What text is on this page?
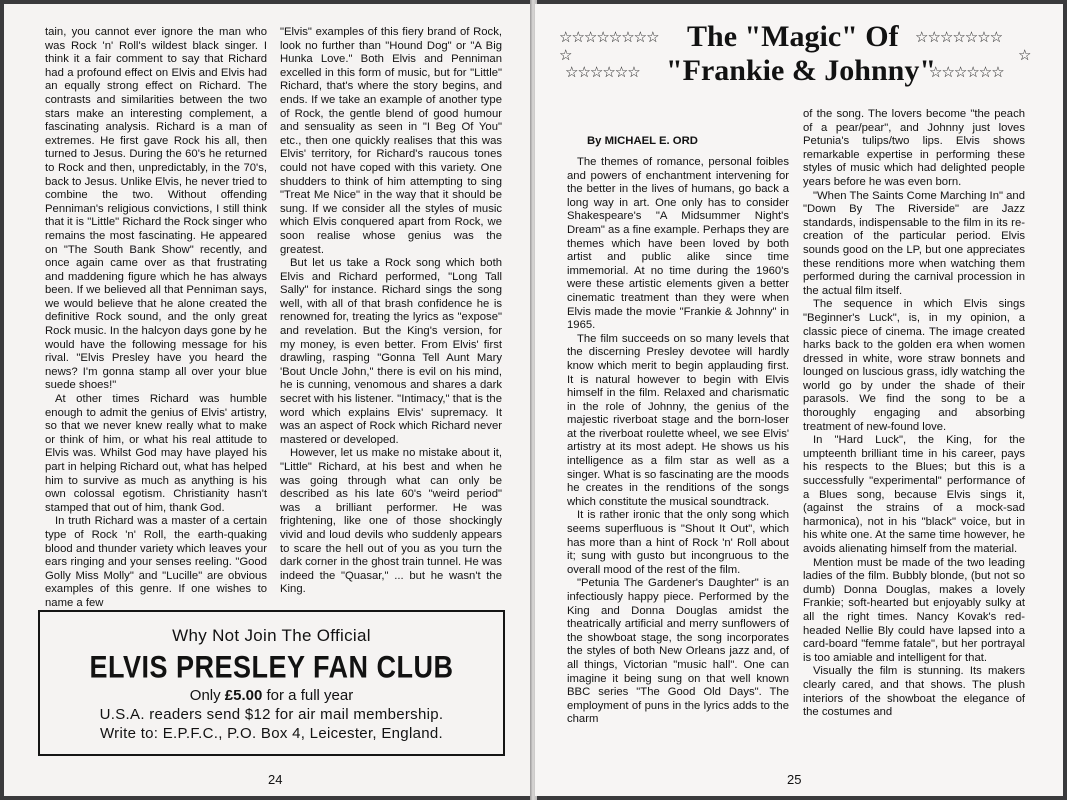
tain, you cannot ever ignore the man who was Rock 'n' Roll's wildest black singer. I think it a fair comment to say that Richard had a profound effect on Elvis and Elvis had an equally strong effect on Richard. The contrasts and similarities between the two stars make an interesting complement, a fascinating analysis. Richard is a man of extremes. He first gave Rock his all, then turned to Jesus. During the 60's he returned to Rock and then, unpredictably, in the 70's, back to Jesus. Unlike Elvis, he never tried to combine the two. Without offending Penniman's religious convictions, I still think that it is "Little" Richard the Rock singer who remains the most fascinating. He appeared on "The South Bank Show" recently, and once again came over as that frustrating and maddening figure which he has always been. If we believed all that Penniman says, we would believe that he alone created the definitive Rock sound, and the only great Rock music. In the halcyon days gone by he would have the following message for his rival. "Elvis Presley have you heard the news? I'm gonna stamp all over your blue suede shoes!"

At other times Richard was humble enough to admit the genius of Elvis' artistry, so that we never knew really what to make or think of him, or what his real attitude to Elvis was. Whilst God may have played his part in helping Richard out, what has helped him to survive as much as anything is his own colossal egotism. Christianity hasn't stamped that out of him, thank God.

In truth Richard was a master of a certain type of Rock 'n' Roll, the earth-quaking blood and thunder variety which leaves your ears ringing and your senses reeling. "Good Golly Miss Molly" and "Lucille" are obvious examples of this genre. If one wishes to name a few

"Elvis" examples of this fiery brand of Rock, look no further than "Hound Dog" or "A Big Hunka Love." Both Elvis and Penniman excelled in this form of music, but for "Little" Richard, that's where the story begins, and ends. If we take an example of another type of Rock, the gentle blend of good humour and sensuality as seen in "I Beg Of You" etc., then one quickly realises that this was Elvis' territory, for Richard's raucous tones could not have coped with this variety. One shudders to think of him attempting to sing "Treat Me Nice" in the way that it should be sung. If we consider all the styles of music which Elvis conquered apart from Rock, we soon realise whose genius was the greatest.

But let us take a Rock song which both Elvis and Richard performed, "Long Tall Sally" for instance. Richard sings the song well, with all of that brash confidence he is renowned for, treating the lyrics as "expose" and revelation. But the King's version, for my money, is even better. From Elvis' first drawling, rasping "Gonna Tell Aunt Mary 'Bout Uncle John," there is evil on his mind, he is cunning, venomous and shares a dark secret with his listener. "Intimacy," that is the word which explains Elvis' supremacy. It was an aspect of Rock which Richard never mastered or developed.

However, let us make no mistake about it, "Little" Richard, at his best and when he was going through what can only be described as his late 60's "weird period" was a brilliant performer. He was frightening, like one of those shockingly vivid and loud devils who suddenly appears to scare the hell out of you as you turn the dark corner in the ghost train tunnel. He was indeed the "Quasar," ... but he wasn't the King.

Why Not Join The Official
ELVIS PRESLEY FAN CLUB
Only £5.00 for a full year
U.S.A. readers send $12 for air mail membership.
Write to: E.P.F.C., P.O. Box 4, Leicester, England.
24
☆☆☆☆☆☆☆☆ The "Magic" Of ☆☆☆☆☆☆☆
☆	☆
☆☆☆☆☆☆ "Frankie & Johnny"
☆☆☆☆☆☆
By MICHAEL E. ORD

The themes of romance, personal foibles and powers of enchantment intervening for the better in the lives of humans, go back a long way in art. One only has to consider Shakespeare's "A Midsummer Night's Dream" as a fine example. Perhaps they are themes which have been loved by both artist and public alike since time immemorial. At no time during the 1960's were these artistic elements given a better cinematic treatment than they were when Elvis made the movie "Frankie & Johnny" in 1965.

The film succeeds on so many levels that the discerning Presley devotee will hardly know which merit to begin applauding first. It is natural however to begin with Elvis himself in the film. Relaxed and charismatic in the role of Johnny, the genius of the majestic riverboat stage and the born-loser at the riverboat roulette wheel, we see Elvis' artistry at its most adept. He shows us his intelligence as a film star as well as a singer. What is so fascinating are the moods he creates in the renditions of the songs which constitute the musical soundtrack.

It is rather ironic that the only song which seems superfluous is "Shout It Out", which has more than a hint of Rock 'n' Roll about it; sung with gusto but incongruous to the overall mood of the rest of the film.

"Petunia The Gardener's Daughter" is an infectiously happy piece. Performed by the King and Donna Douglas amidst the theatrically artificial and merry sunflowers of the showboat stage, the song incorporates the styles of both New Orleans jazz and, of all things, Victorian "music hall". One can imagine it being sung on that well known BBC series "The Good Old Days". The employment of puns in the lyrics adds to the charm

of the song. The lovers become "the peach of a pear/pear", and Johnny just loves Petunia's tulips/two lips. Elvis shows remarkable expertise in performing these styles of music which had delighted people years before he was even born.

"When The Saints Come Marching In" and "Down By The Riverside" are Jazz standards, indispensable to the film in its re-creation of the particular period. Elvis sounds good on the LP, but one appreciates these renditions more when watching them performed during the carnival procession in the actual film itself.

The sequence in which Elvis sings "Beginner's Luck", is, in my opinion, a classic piece of cinema. The image created harks back to the golden era when women dressed in white, wore straw bonnets and lounged on luscious grass, idly watching the world go by under the shade of their parasols. We find the song to be a thoroughly engaging and absorbing treatment of new-found love.

In "Hard Luck", the King, for the umpteenth brilliant time in his career, pays his respects to the Blues; but this is a successfully "experimental" performance of a Blues song, because Elvis sings it, (against the strains of a mock-sad harmonica), not in his "black" voice, but in his white one. At the same time however, he avoids alienating himself from the material.

Mention must be made of the two leading ladies of the film. Bubbly blonde, (but not so dumb) Donna Douglas, makes a lovely Frankie; soft-hearted but enjoyably sulky at all the right times. Nancy Kovak's red-headed Nellie Bly could have lapsed into a card-board "femme fatale", but her portrayal is too amiable and intelligent for that.

Visually the film is stunning. Its makers clearly cared, and that shows. The plush interiors of the showboat the elegance of the costumes and

25
